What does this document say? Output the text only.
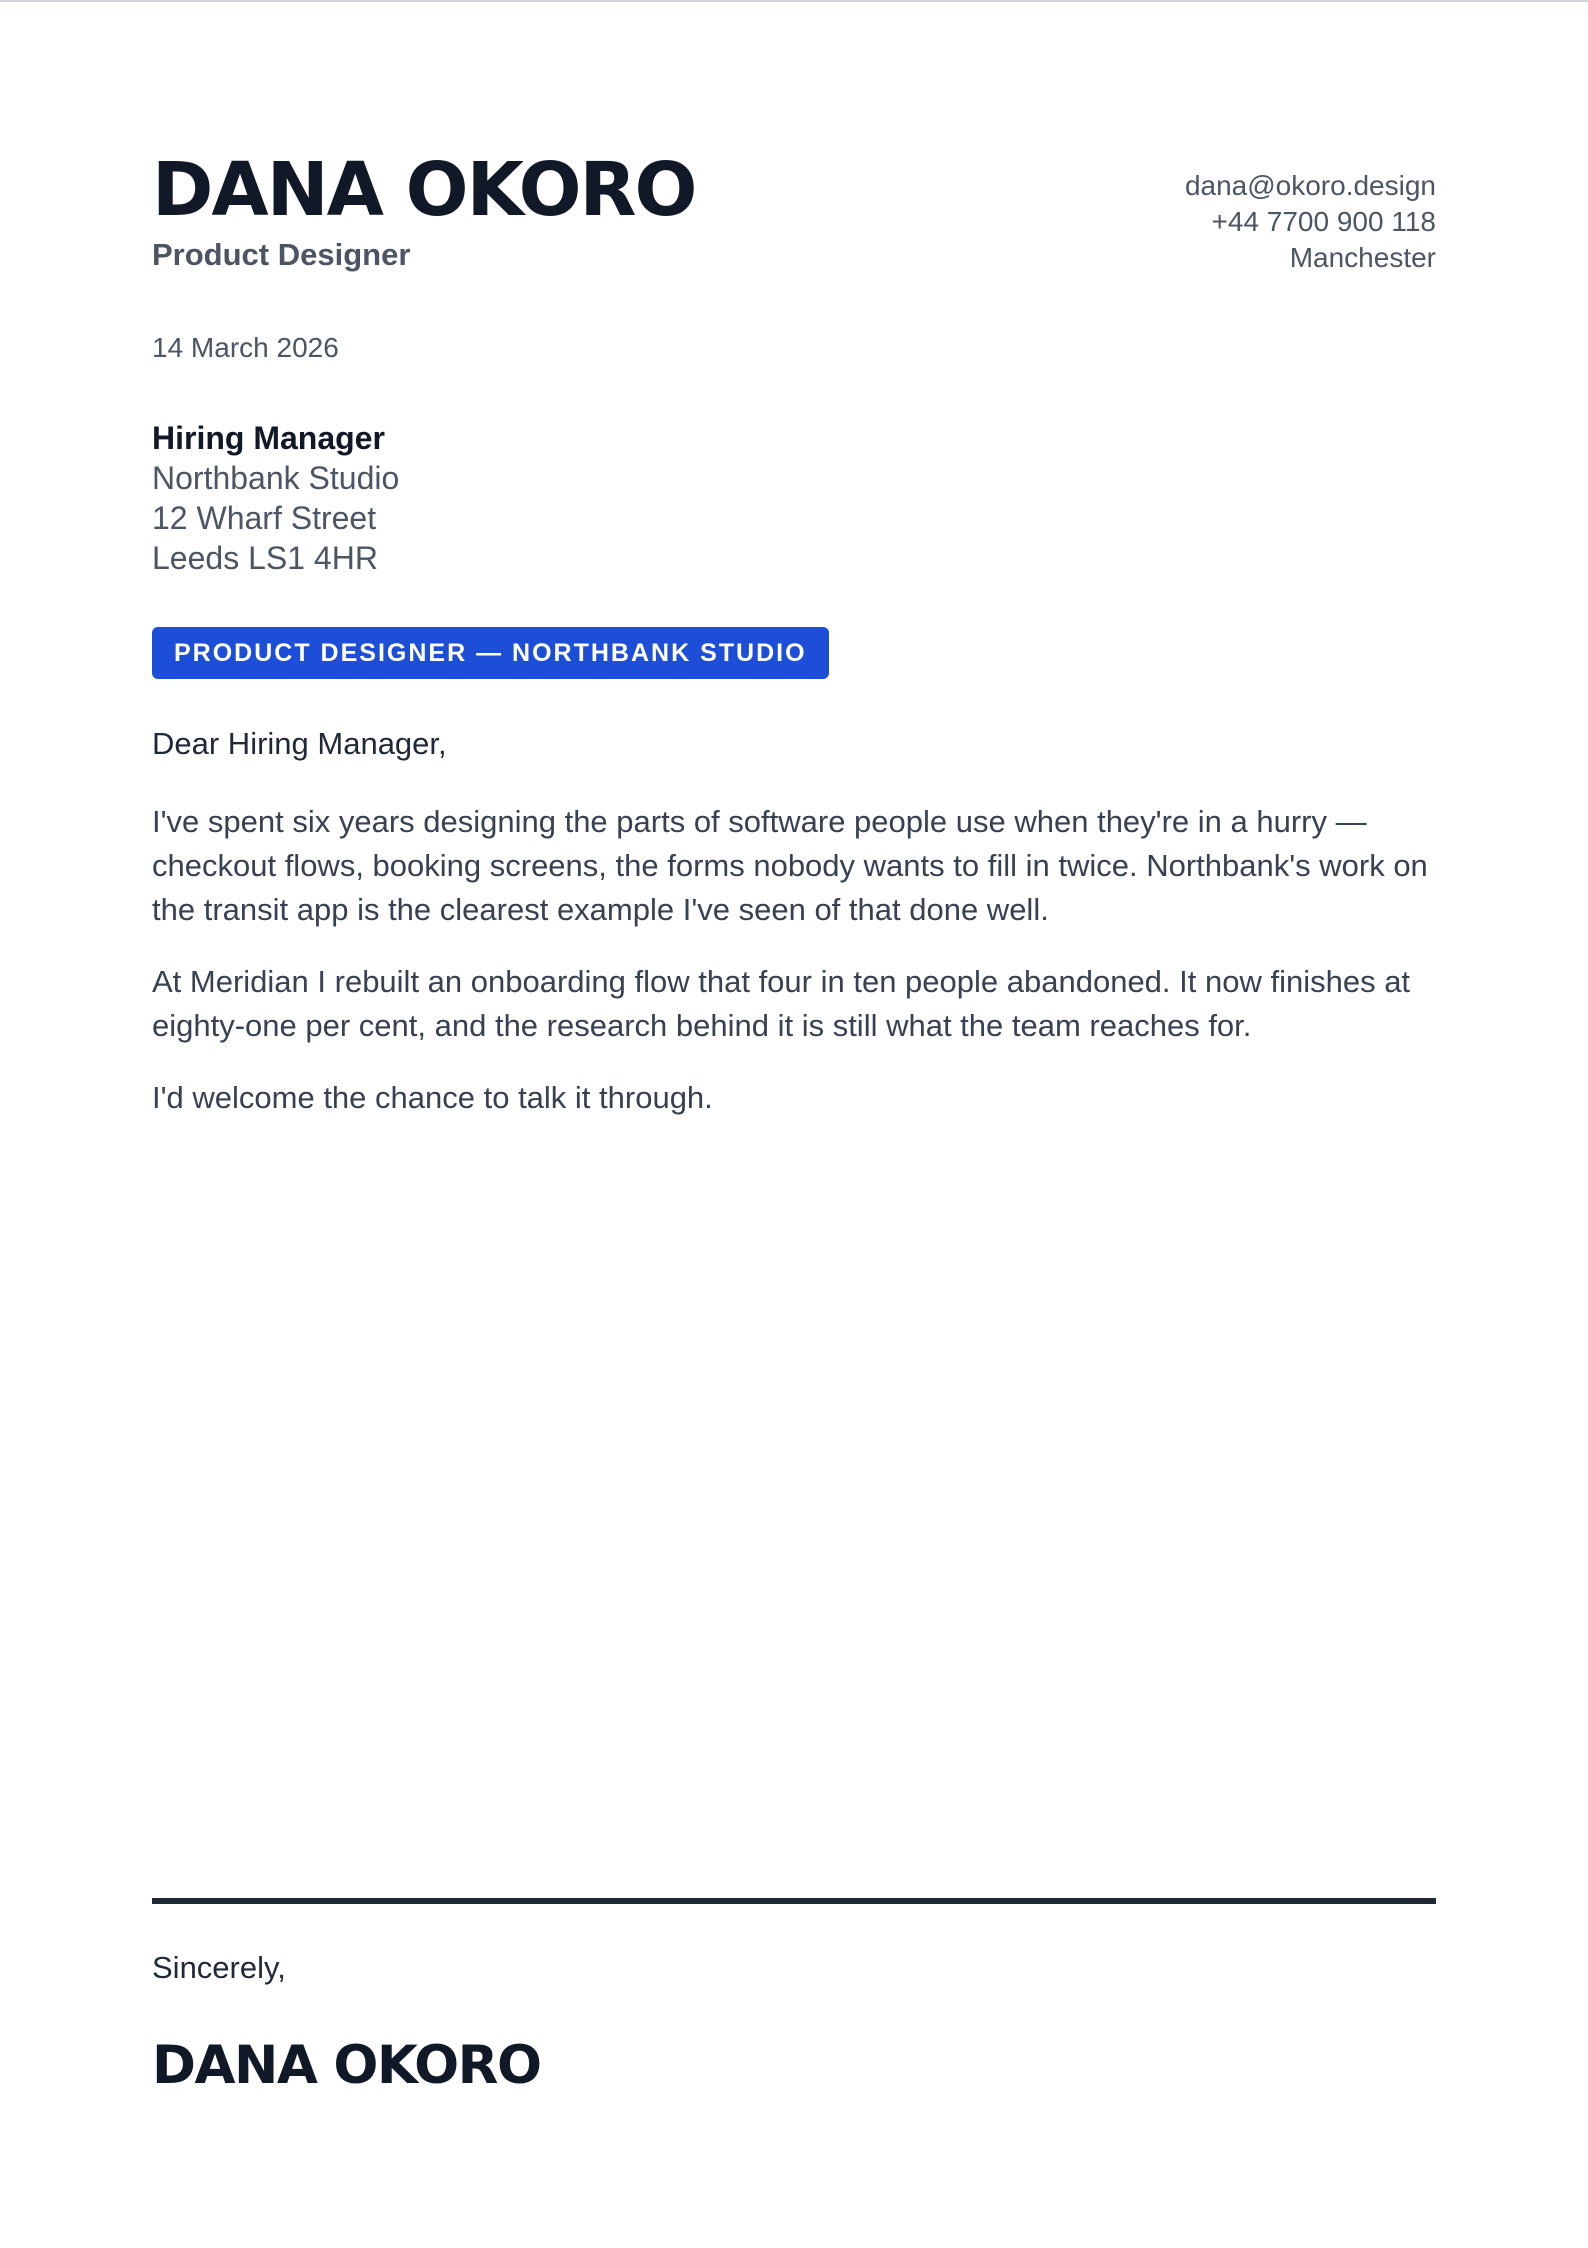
DANA OKORO
Product Designer
dana@okoro.design
+44 7700 900 118
Manchester
14 March 2026
Hiring Manager
Northbank Studio
12 Wharf Street
Leeds LS1 4HR
PRODUCT DESIGNER — NORTHBANK STUDIO
Dear Hiring Manager,

I've spent six years designing the parts of software people use when they're in a hurry — checkout flows, booking screens, the forms nobody wants to fill in twice. Northbank's work on the transit app is the clearest example I've seen of that done well.

At Meridian I rebuilt an onboarding flow that four in ten people abandoned. It now finishes at eighty-one per cent, and the research behind it is still what the team reaches for.

I'd welcome the chance to talk it through.

Sincerely,
DANA OKORO
